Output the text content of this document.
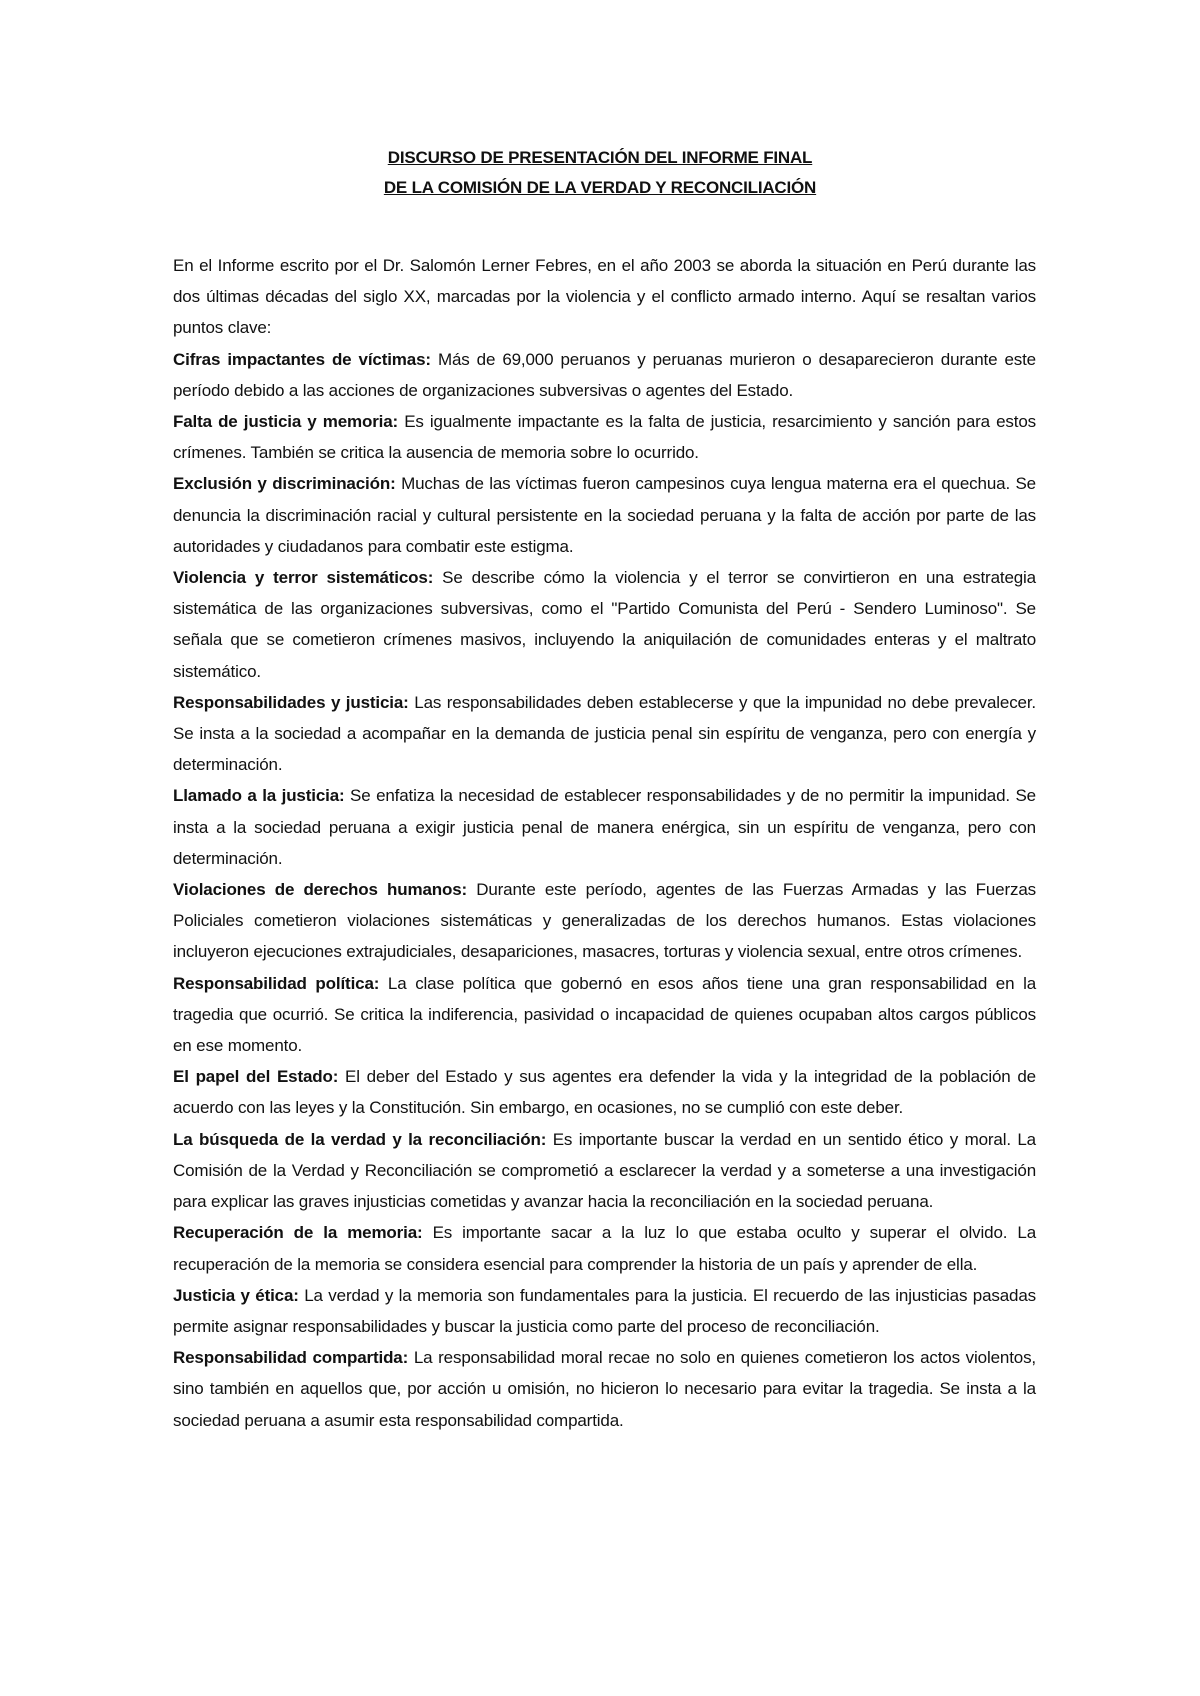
DISCURSO DE PRESENTACIÓN DEL INFORME FINAL
DE LA COMISIÓN DE LA VERDAD Y RECONCILIACIÓN

En el Informe escrito por el Dr. Salomón Lerner Febres, en el año 2003 se aborda la situación en Perú durante las dos últimas décadas del siglo XX, marcadas por la violencia y el conflicto armado interno. Aquí se resaltan varios puntos clave:

Cifras impactantes de víctimas: Más de 69,000 peruanos y peruanas murieron o desaparecieron durante este período debido a las acciones de organizaciones subversivas o agentes del Estado.

Falta de justicia y memoria: Es igualmente impactante es la falta de justicia, resarcimiento y sanción para estos crímenes. También se critica la ausencia de memoria sobre lo ocurrido.

Exclusión y discriminación: Muchas de las víctimas fueron campesinos cuya lengua materna era el quechua. Se denuncia la discriminación racial y cultural persistente en la sociedad peruana y la falta de acción por parte de las autoridades y ciudadanos para combatir este estigma.

Violencia y terror sistemáticos: Se describe cómo la violencia y el terror se convirtieron en una estrategia sistemática de las organizaciones subversivas, como el "Partido Comunista del Perú - Sendero Luminoso". Se señala que se cometieron crímenes masivos, incluyendo la aniquilación de comunidades enteras y el maltrato sistemático.

Responsabilidades y justicia: Las responsabilidades deben establecerse y que la impunidad no debe prevalecer. Se insta a la sociedad a acompañar en la demanda de justicia penal sin espíritu de venganza, pero con energía y determinación.

Llamado a la justicia: Se enfatiza la necesidad de establecer responsabilidades y de no permitir la impunidad. Se insta a la sociedad peruana a exigir justicia penal de manera enérgica, sin un espíritu de venganza, pero con determinación.

Violaciones de derechos humanos: Durante este período, agentes de las Fuerzas Armadas y las Fuerzas Policiales cometieron violaciones sistemáticas y generalizadas de los derechos humanos. Estas violaciones incluyeron ejecuciones extrajudiciales, desapariciones, masacres, torturas y violencia sexual, entre otros crímenes.

Responsabilidad política: La clase política que gobernó en esos años tiene una gran responsabilidad en la tragedia que ocurrió. Se critica la indiferencia, pasividad o incapacidad de quienes ocupaban altos cargos públicos en ese momento.

El papel del Estado: El deber del Estado y sus agentes era defender la vida y la integridad de la población de acuerdo con las leyes y la Constitución. Sin embargo, en ocasiones, no se cumplió con este deber.

La búsqueda de la verdad y la reconciliación: Es importante buscar la verdad en un sentido ético y moral. La Comisión de la Verdad y Reconciliación se comprometió a esclarecer la verdad y a someterse a una investigación para explicar las graves injusticias cometidas y avanzar hacia la reconciliación en la sociedad peruana.

Recuperación de la memoria: Es importante sacar a la luz lo que estaba oculto y superar el olvido. La recuperación de la memoria se considera esencial para comprender la historia de un país y aprender de ella.

Justicia y ética: La verdad y la memoria son fundamentales para la justicia. El recuerdo de las injusticias pasadas permite asignar responsabilidades y buscar la justicia como parte del proceso de reconciliación.

Responsabilidad compartida: La responsabilidad moral recae no solo en quienes cometieron los actos violentos, sino también en aquellos que, por acción u omisión, no hicieron lo necesario para evitar la tragedia. Se insta a la sociedad peruana a asumir esta responsabilidad compartida.
